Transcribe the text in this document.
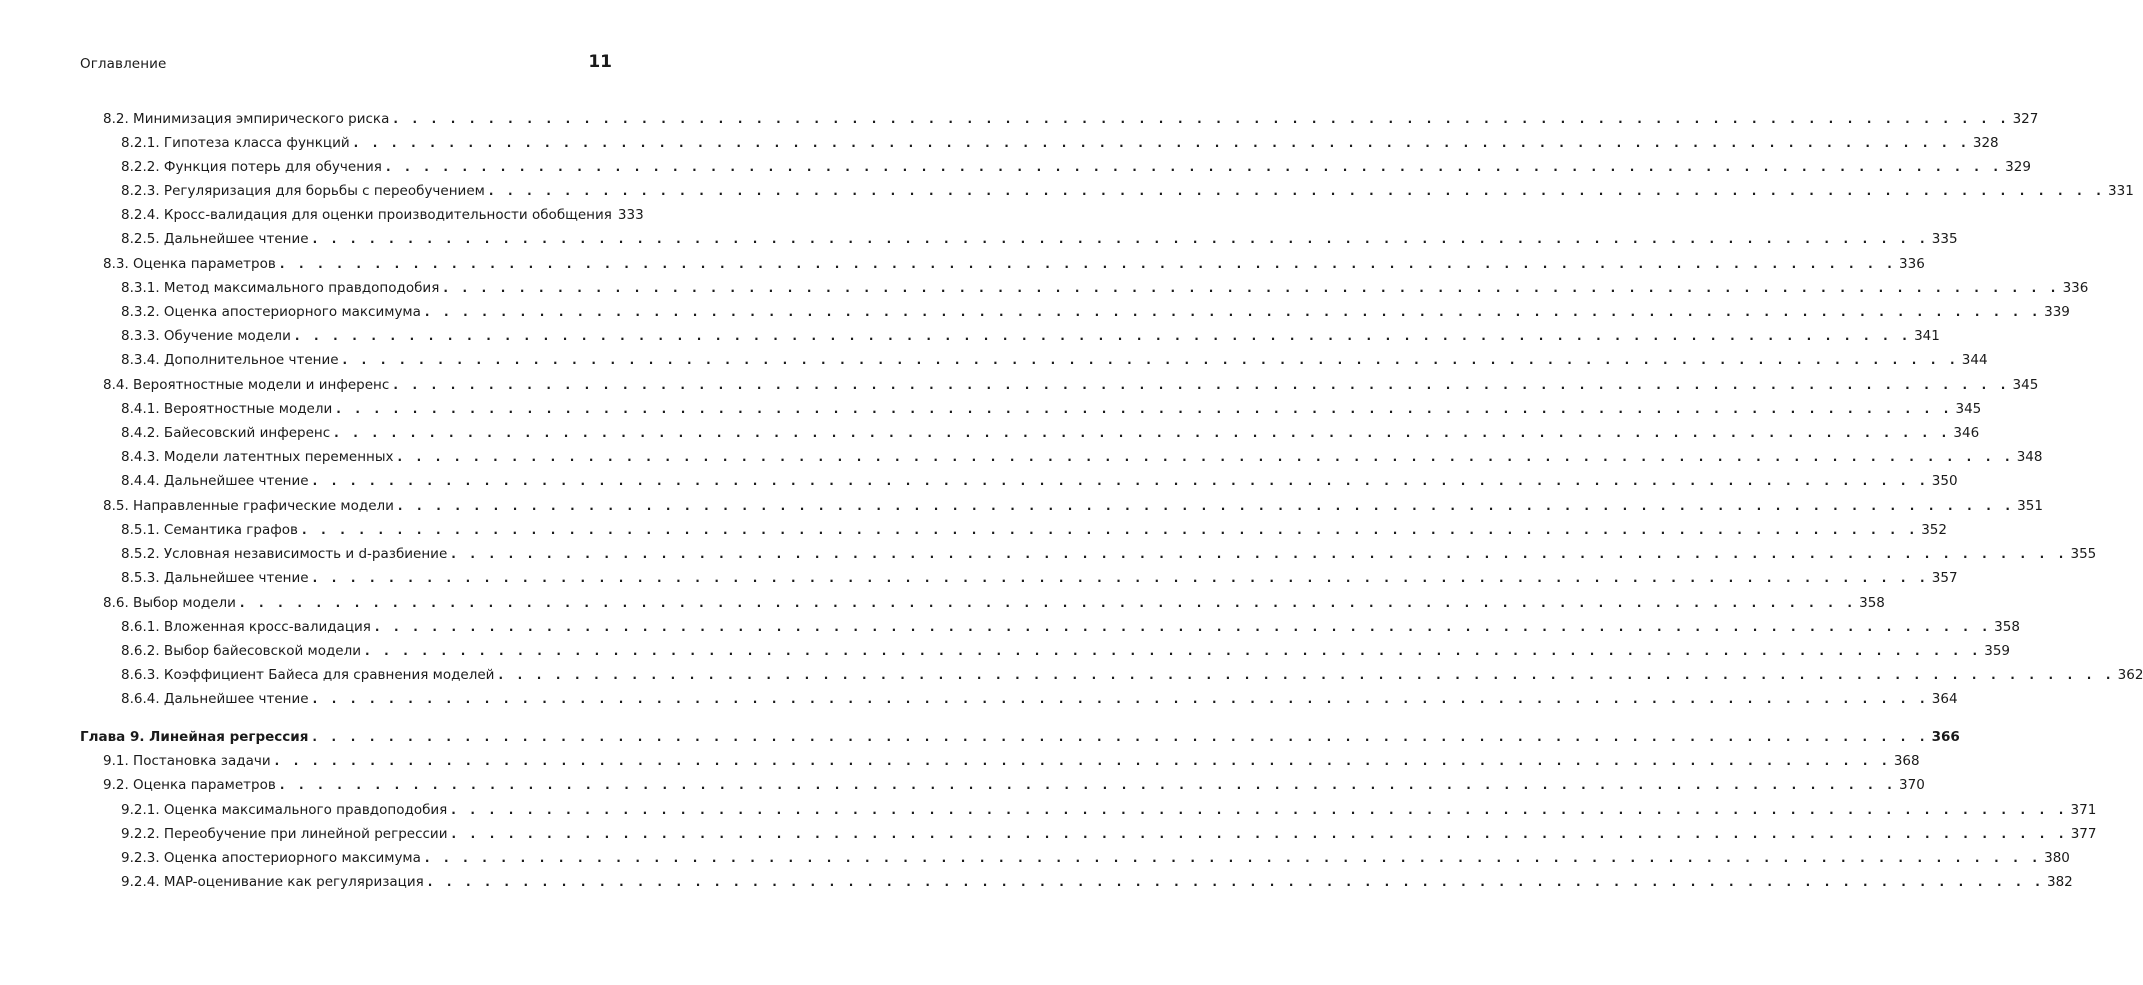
Оглавление	11
8.2. Минимизация эмпирического риска . . . . . . . . . . . . . . . . . . . . . . . . . . . . . . . . . . . . . . . . . . . . . . . . . . . . . . . . . . . . . . . . . . . . . . . . . . . . . . . . . . . . . 327
8.2.1. Гипотеза класса функций . . . . . . . . . . . . . . . . . . . . . . . . . . . . . . . . . . . . . . . . . . . . . . . . . . . . . . . . . . . . . . . . . . . . . . . . . . . . . . . . . . . . . 328
8.2.2. Функция потерь для обучения . . . . . . . . . . . . . . . . . . . . . . . . . . . . . . . . . . . . . . . . . . . . . . . . . . . . . . . . . . . . . . . . . . . . . . . . . . . . . . . . . . . . . 329
8.2.3. Регуляризация для борьбы с переобучением . . . . . . . . . . . . . . . . . . . . . . . . . . . . . . . . . . . . . . . . . . . . . . . . . . . . . . . . . . . . . . . . . . . . . . . . . . . . . . . . . . . . . 331
8.2.4. Кросс-валидация для оценки производительности обобщения 333
8.2.5. Дальнейшее чтение . . . . . . . . . . . . . . . . . . . . . . . . . . . . . . . . . . . . . . . . . . . . . . . . . . . . . . . . . . . . . . . . . . . . . . . . . . . . . . . . . . . . . 335
8.3. Оценка параметров . . . . . . . . . . . . . . . . . . . . . . . . . . . . . . . . . . . . . . . . . . . . . . . . . . . . . . . . . . . . . . . . . . . . . . . . . . . . . . . . . . . . . 336
8.3.1. Метод максимального правдоподобия . . . . . . . . . . . . . . . . . . . . . . . . . . . . . . . . . . . . . . . . . . . . . . . . . . . . . . . . . . . . . . . . . . . . . . . . . . . . . . . . . . . . . 336
8.3.2. Оценка апостериорного максимума . . . . . . . . . . . . . . . . . . . . . . . . . . . . . . . . . . . . . . . . . . . . . . . . . . . . . . . . . . . . . . . . . . . . . . . . . . . . . . . . . . . . . 339
8.3.3. Обучение модели . . . . . . . . . . . . . . . . . . . . . . . . . . . . . . . . . . . . . . . . . . . . . . . . . . . . . . . . . . . . . . . . . . . . . . . . . . . . . . . . . . . . . 341
8.3.4. Дополнительное чтение . . . . . . . . . . . . . . . . . . . . . . . . . . . . . . . . . . . . . . . . . . . . . . . . . . . . . . . . . . . . . . . . . . . . . . . . . . . . . . . . . . . . . 344
8.4. Вероятностные модели и инференс . . . . . . . . . . . . . . . . . . . . . . . . . . . . . . . . . . . . . . . . . . . . . . . . . . . . . . . . . . . . . . . . . . . . . . . . . . . . . . . . . . . . . 345
8.4.1. Вероятностные модели . . . . . . . . . . . . . . . . . . . . . . . . . . . . . . . . . . . . . . . . . . . . . . . . . . . . . . . . . . . . . . . . . . . . . . . . . . . . . . . . . . . . . 345
8.4.2. Байесовский инференс . . . . . . . . . . . . . . . . . . . . . . . . . . . . . . . . . . . . . . . . . . . . . . . . . . . . . . . . . . . . . . . . . . . . . . . . . . . . . . . . . . . . . 346
8.4.3. Модели латентных переменных . . . . . . . . . . . . . . . . . . . . . . . . . . . . . . . . . . . . . . . . . . . . . . . . . . . . . . . . . . . . . . . . . . . . . . . . . . . . . . . . . . . . . 348
8.4.4. Дальнейшее чтение . . . . . . . . . . . . . . . . . . . . . . . . . . . . . . . . . . . . . . . . . . . . . . . . . . . . . . . . . . . . . . . . . . . . . . . . . . . . . . . . . . . . . 350
8.5. Направленные графические модели . . . . . . . . . . . . . . . . . . . . . . . . . . . . . . . . . . . . . . . . . . . . . . . . . . . . . . . . . . . . . . . . . . . . . . . . . . . . . . . . . . . . . 351
8.5.1. Семантика графов . . . . . . . . . . . . . . . . . . . . . . . . . . . . . . . . . . . . . . . . . . . . . . . . . . . . . . . . . . . . . . . . . . . . . . . . . . . . . . . . . . . . . 352
8.5.2. Условная независимость и d-разбиение . . . . . . . . . . . . . . . . . . . . . . . . . . . . . . . . . . . . . . . . . . . . . . . . . . . . . . . . . . . . . . . . . . . . . . . . . . . . . . . . . . . . . 355
8.5.3. Дальнейшее чтение . . . . . . . . . . . . . . . . . . . . . . . . . . . . . . . . . . . . . . . . . . . . . . . . . . . . . . . . . . . . . . . . . . . . . . . . . . . . . . . . . . . . . 357
8.6. Выбор модели . . . . . . . . . . . . . . . . . . . . . . . . . . . . . . . . . . . . . . . . . . . . . . . . . . . . . . . . . . . . . . . . . . . . . . . . . . . . . . . . . . . . . 358
8.6.1. Вложенная кросс-валидация . . . . . . . . . . . . . . . . . . . . . . . . . . . . . . . . . . . . . . . . . . . . . . . . . . . . . . . . . . . . . . . . . . . . . . . . . . . . . . . . . . . . . 358
8.6.2. Выбор байесовской модели . . . . . . . . . . . . . . . . . . . . . . . . . . . . . . . . . . . . . . . . . . . . . . . . . . . . . . . . . . . . . . . . . . . . . . . . . . . . . . . . . . . . . 359
8.6.3. Коэффициент Байеса для сравнения моделей . . . . . . . . . . . . . . . . . . . . . . . . . . . . . . . . . . . . . . . . . . . . . . . . . . . . . . . . . . . . . . . . . . . . . . . . . . . . . . . . . . . . . 362
8.6.4. Дальнейшее чтение . . . . . . . . . . . . . . . . . . . . . . . . . . . . . . . . . . . . . . . . . . . . . . . . . . . . . . . . . . . . . . . . . . . . . . . . . . . . . . . . . . . . . 364
Глава 9. Линейная регрессия . . . . . . . . . . . . . . . . . . . . . . . . . . . . . . . . . . . . . . . . . . . . . . . . . . . . . . . . . . . . . . . . . . . . . . . . . . . . . . . . . . . . . 366
9.1. Постановка задачи . . . . . . . . . . . . . . . . . . . . . . . . . . . . . . . . . . . . . . . . . . . . . . . . . . . . . . . . . . . . . . . . . . . . . . . . . . . . . . . . . . . . . 368
9.2. Оценка параметров . . . . . . . . . . . . . . . . . . . . . . . . . . . . . . . . . . . . . . . . . . . . . . . . . . . . . . . . . . . . . . . . . . . . . . . . . . . . . . . . . . . . . 370
9.2.1. Оценка максимального правдоподобия . . . . . . . . . . . . . . . . . . . . . . . . . . . . . . . . . . . . . . . . . . . . . . . . . . . . . . . . . . . . . . . . . . . . . . . . . . . . . . . . . . . . . 371
9.2.2. Переобучение при линейной регрессии . . . . . . . . . . . . . . . . . . . . . . . . . . . . . . . . . . . . . . . . . . . . . . . . . . . . . . . . . . . . . . . . . . . . . . . . . . . . . . . . . . . . . 377
9.2.3. Оценка апостериорного максимума . . . . . . . . . . . . . . . . . . . . . . . . . . . . . . . . . . . . . . . . . . . . . . . . . . . . . . . . . . . . . . . . . . . . . . . . . . . . . . . . . . . . . 380
9.2.4. MAP-оценивание как регуляризация . . . . . . . . . . . . . . . . . . . . . . . . . . . . . . . . . . . . . . . . . . . . . . . . . . . . . . . . . . . . . . . . . . . . . . . . . . . . . . . . . . . . . 382
